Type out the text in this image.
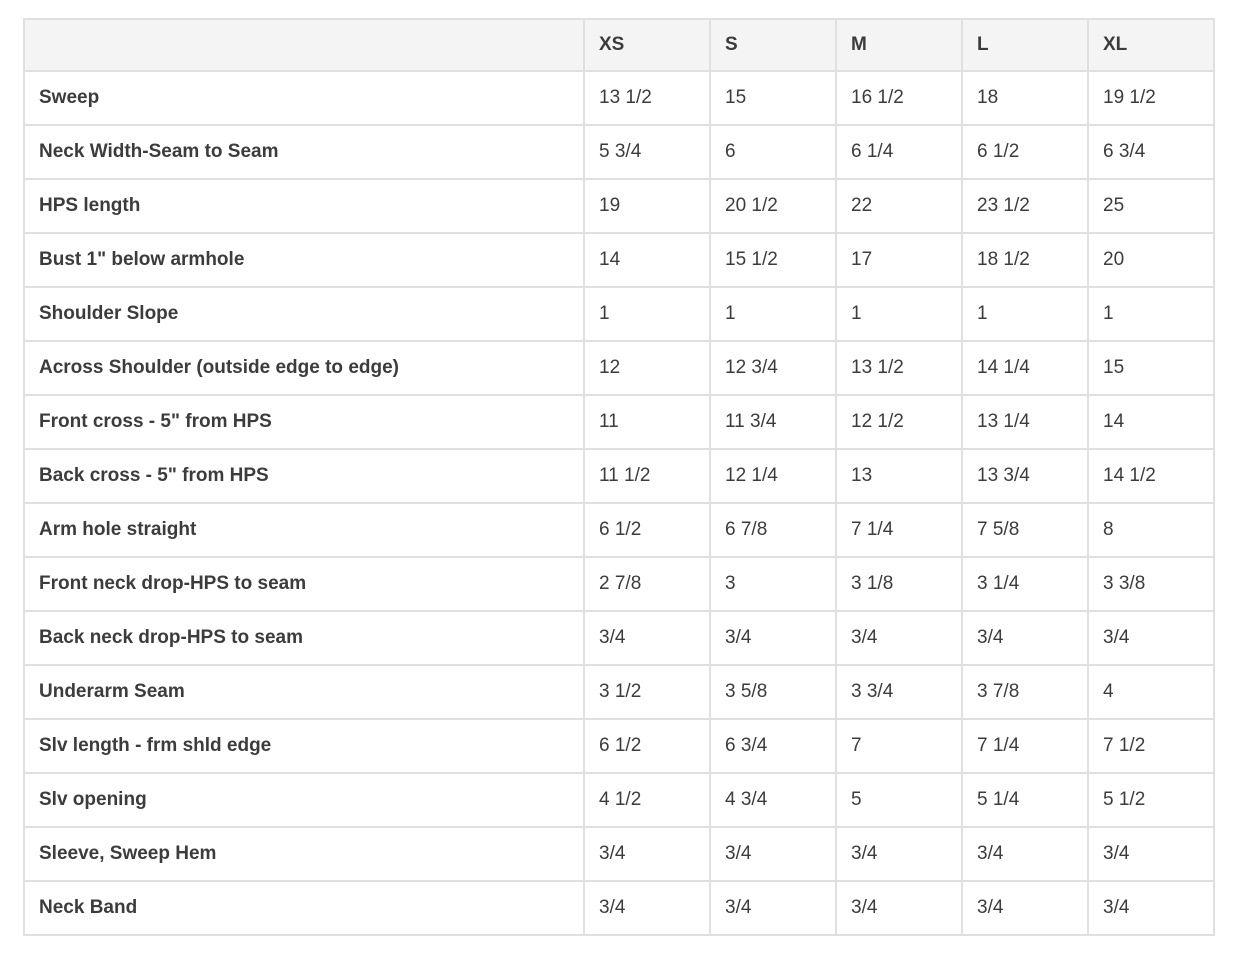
	XS	S	M	L	XL
Sweep	13 1/2	15	16 1/2	18	19 1/2
Neck Width-Seam to Seam	5 3/4	6	6 1/4	6 1/2	6 3/4
HPS length	19	20 1/2	22	23 1/2	25
Bust 1" below armhole	14	15 1/2	17	18 1/2	20
Shoulder Slope	1	1	1	1	1
Across Shoulder (outside edge to edge)	12	12 3/4	13 1/2	14 1/4	15
Front cross - 5" from HPS	11	11 3/4	12 1/2	13 1/4	14
Back cross - 5" from HPS	11 1/2	12 1/4	13	13 3/4	14 1/2
Arm hole straight	6 1/2	6 7/8	7 1/4	7 5/8	8
Front neck drop-HPS to seam	2 7/8	3	3 1/8	3 1/4	3 3/8
Back neck drop-HPS to seam	3/4	3/4	3/4	3/4	3/4
Underarm Seam	3 1/2	3 5/8	3 3/4	3 7/8	4
Slv length - frm shld edge	6 1/2	6 3/4	7	7 1/4	7 1/2
Slv opening	4 1/2	4 3/4	5	5 1/4	5 1/2
Sleeve, Sweep Hem	3/4	3/4	3/4	3/4	3/4
Neck Band	3/4	3/4	3/4	3/4	3/4
